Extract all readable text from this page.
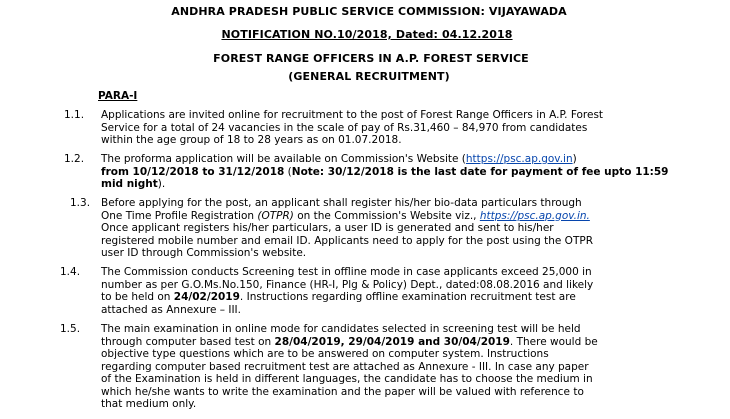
ANDHRA PRADESH PUBLIC SERVICE COMMISSION: VIJAYAWADA
NOTIFICATION NO.10/2018, Dated: 04.12.2018
FOREST RANGE OFFICERS IN A.P. FOREST SERVICE
(GENERAL RECRUITMENT)
PARA-I
1.1. Applications are invited online for recruitment to the post of Forest Range Officers in A.P. Forest
Service for a total of 24 vacancies in the scale of pay of Rs.31,460 – 84,970 from candidates
within the age group of 18 to 28 years as on 01.07.2018.
1.2. The proforma application will be available on Commission's Website (https://psc.ap.gov.in)
from 10/12/2018 to 31/12/2018 (Note: 30/12/2018 is the last date for payment of fee upto 11:59
mid night).
1.3. Before applying for the post, an applicant shall register his/her bio-data particulars through
One Time Profile Registration (OTPR) on the Commission's Website viz., https://psc.ap.gov.in.
Once applicant registers his/her particulars, a user ID is generated and sent to his/her
registered mobile number and email ID. Applicants need to apply for the post using the OTPR
user ID through Commission's website.
1.4. The Commission conducts Screening test in offline mode in case applicants exceed 25,000 in
number as per G.O.Ms.No.150, Finance (HR-I, Plg & Policy) Dept., dated:08.08.2016 and likely
to be held on 24/02/2019. Instructions regarding offline examination recruitment test are
attached as Annexure – III.
1.5. The main examination in online mode for candidates selected in screening test will be held
through computer based test on 28/04/2019, 29/04/2019 and 30/04/2019. There would be
objective type questions which are to be answered on computer system. Instructions
regarding computer based recruitment test are attached as Annexure - III. In case any paper
of the Examination is held in different languages, the candidate has to choose the medium in
which he/she wants to write the examination and the paper will be valued with reference to
that medium only.
